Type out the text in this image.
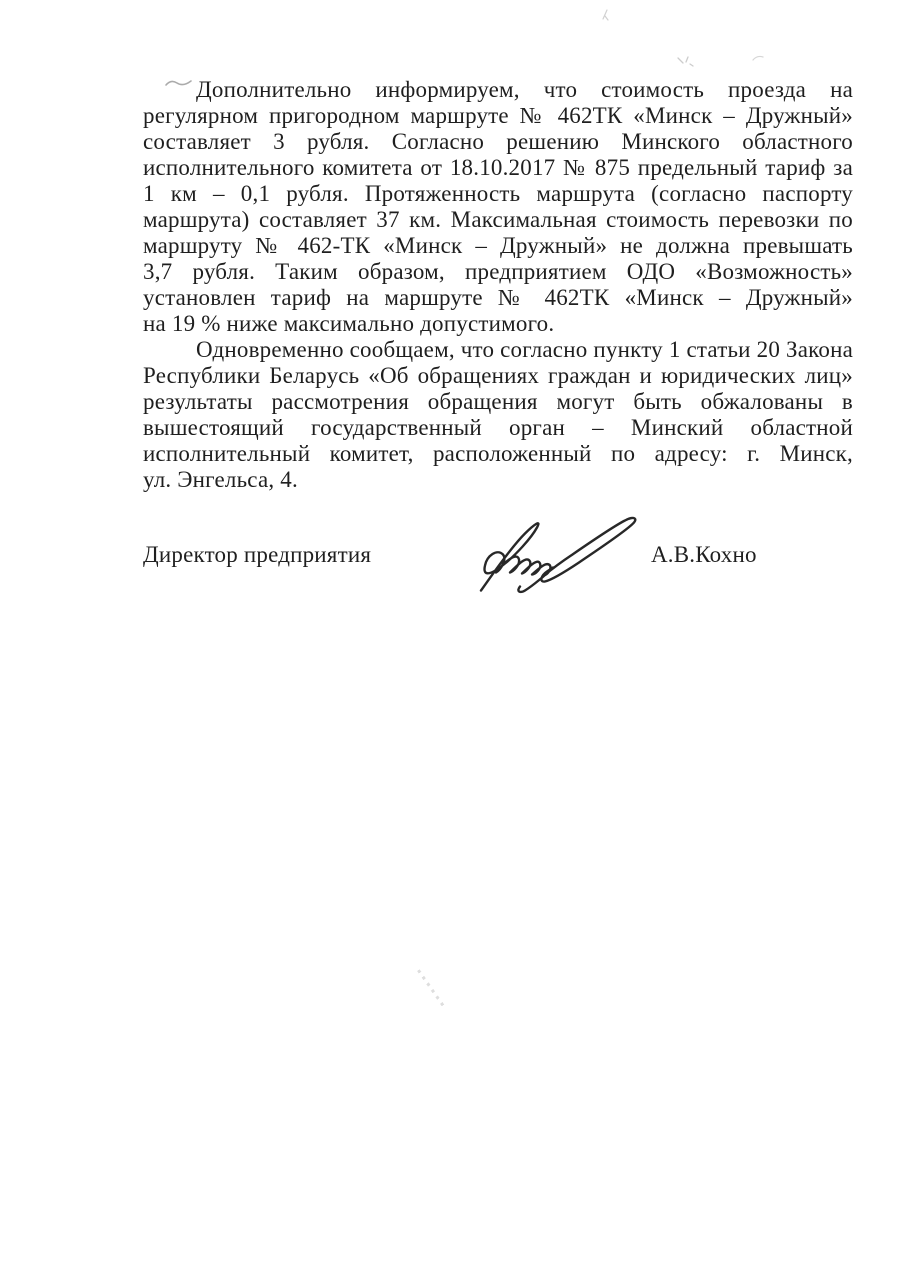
Дополнительно информируем, что стоимость проезда на
регулярном пригородном маршруте № 462ТК «Минск – Дружный»
составляет 3 рубля. Согласно решению Минского областного
исполнительного комитета от 18.10.2017 № 875 предельный тариф за
1 км – 0,1 рубля. Протяженность маршрута (согласно паспорту
маршрута) составляет 37 км. Максимальная стоимость перевозки по
маршруту № 462-ТК «Минск – Дружный» не должна превышать
3,7 рубля. Таким образом, предприятием ОДО «Возможность»
установлен тариф на маршруте № 462ТК «Минск – Дружный»
на 19 % ниже максимально допустимого.
Одновременно сообщаем, что согласно пункту 1 статьи 20 Закона
Республики Беларусь «Об обращениях граждан и юридических лиц»
результаты рассмотрения обращения могут быть обжалованы в
вышестоящий государственный орган – Минский областной
исполнительный комитет, расположенный по адресу: г. Минск,
ул. Энгельса, 4.
Директор предприятия	А.В.Кохно
